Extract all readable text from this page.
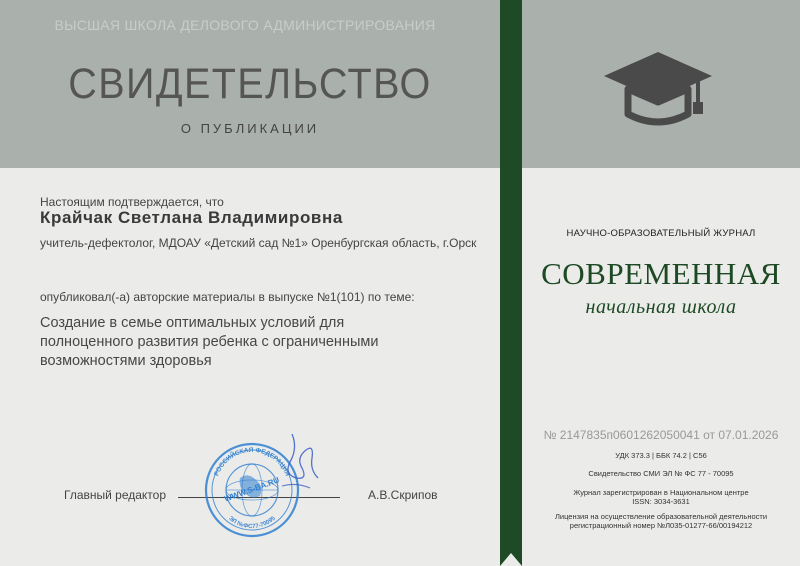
ВЫСШАЯ ШКОЛА ДЕЛОВОГО АДМИНИСТРИРОВАНИЯ
СВИДЕТЕЛЬСТВО
О ПУБЛИКАЦИИ
Настоящим подтверждается, что
Крайчак Светлана Владимировна
учитель-дефектолог, МДОАУ «Детский сад №1» Оренбургская область, г.Орск
опубликовал(-а) авторские материалы в выпуске №1(101) по теме:
Создание в семье оптимальных условий для полноценного развития ребенка с ограниченными возможностями здоровья
Главный редактор	А.В.Скрипов
РОССИЙСКАЯ ФЕДЕРАЦИЯ
ЭЛ №ФС77-70095
WWW.S-BA.RU
НАУЧНО-ОБРАЗОВАТЕЛЬНЫЙ ЖУРНАЛ
СОВРЕМЕННАЯ
начальная школа
№ 2147835п0601262050041 от 07.01.2026
УДК 373.3 | ББК 74.2 | С56
Свидетельство СМИ ЭЛ № ФС 77 - 70095
Журнал зарегистрирован в Национальном центре
ISSN: 3034-3631
Лицензия на осуществление образовательной деятельности
регистрационный номер №Л035-01277-66/00194212
